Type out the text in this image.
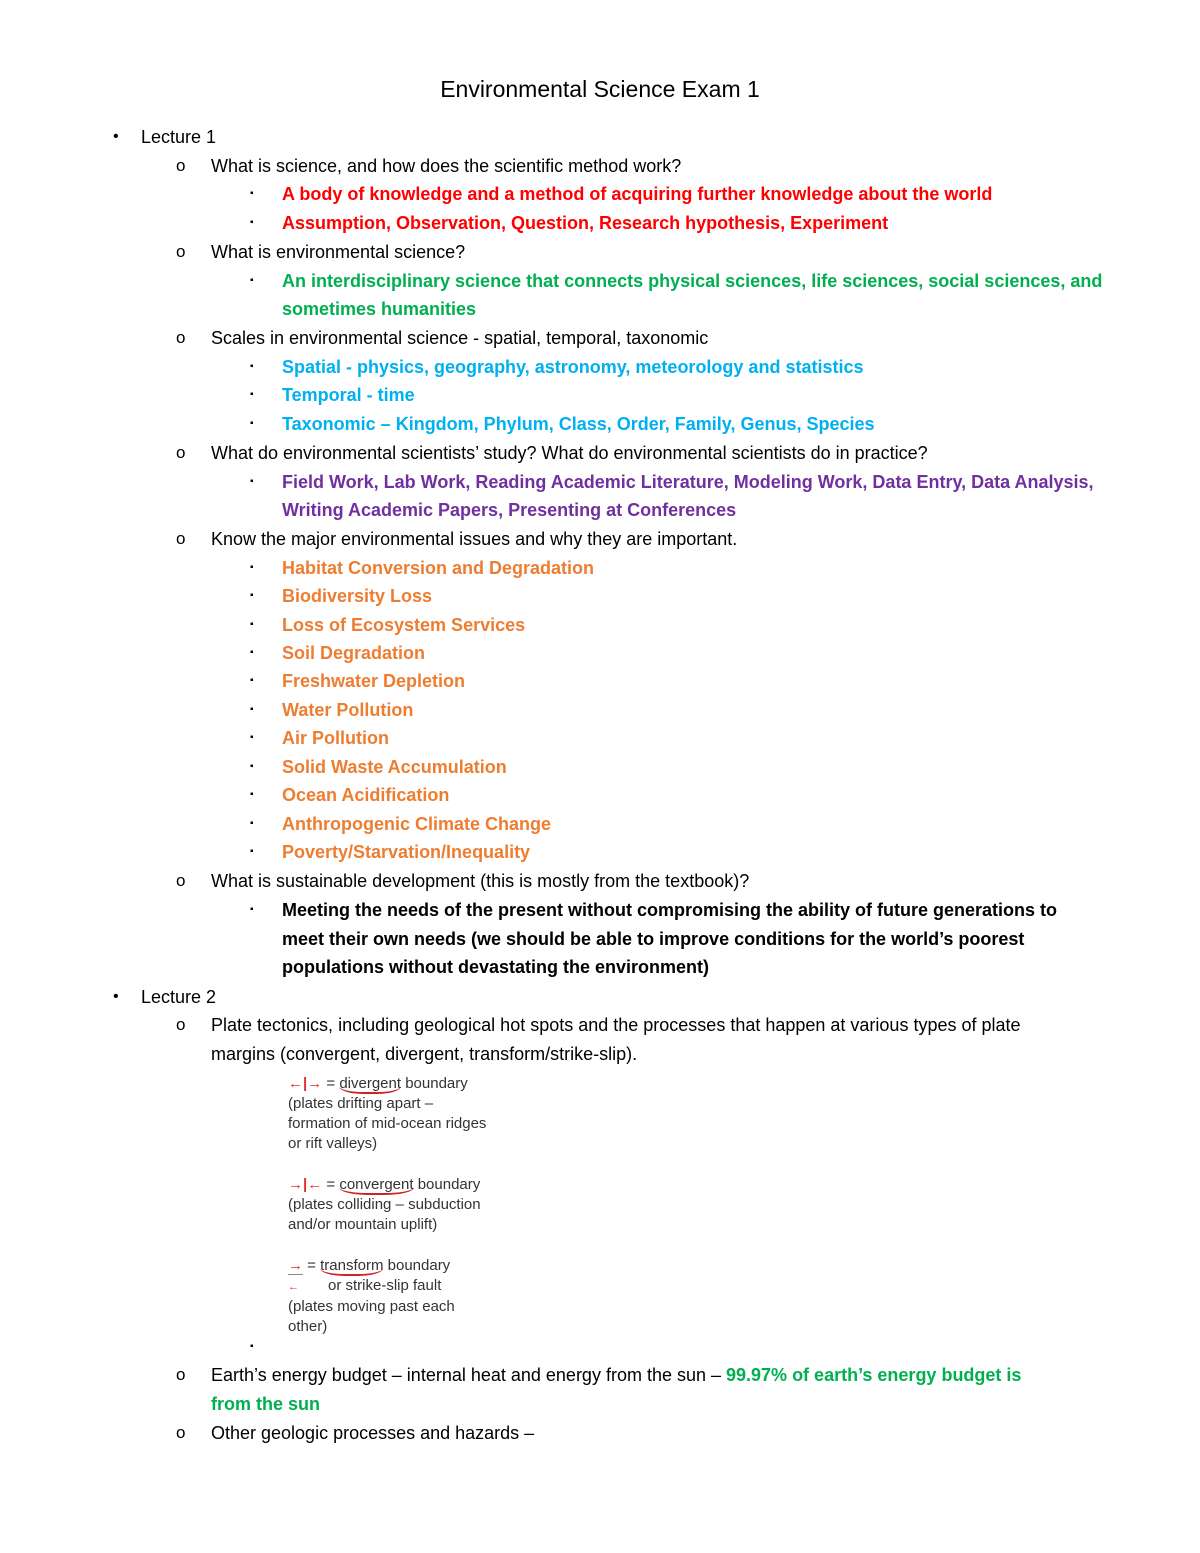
Environmental Science Exam 1
• Lecture 1
o What is science, and how does the scientific method work?
▪ A body of knowledge and a method of acquiring further knowledge about the world
▪ Assumption, Observation, Question, Research hypothesis, Experiment
o What is environmental science?
▪ An interdisciplinary science that connects physical sciences, life sciences, social sciences, and
sometimes humanities
o Scales in environmental science - spatial, temporal, taxonomic
▪ Spatial - physics, geography, astronomy, meteorology and statistics
▪ Temporal - time
▪ Taxonomic – Kingdom, Phylum, Class, Order, Family, Genus, Species
o What do environmental scientists’ study? What do environmental scientists do in practice?
▪ Field Work, Lab Work, Reading Academic Literature, Modeling Work, Data Entry, Data Analysis,
Writing Academic Papers, Presenting at Conferences
o Know the major environmental issues and why they are important.
▪ Habitat Conversion and Degradation
▪ Biodiversity Loss
▪ Loss of Ecosystem Services
▪ Soil Degradation
▪ Freshwater Depletion
▪ Water Pollution
▪ Air Pollution
▪ Solid Waste Accumulation
▪ Ocean Acidification
▪ Anthropogenic Climate Change
▪ Poverty/Starvation/Inequality
o What is sustainable development (this is mostly from the textbook)?
▪ Meeting the needs of the present without compromising the ability of future generations to
meet their own needs (we should be able to improve conditions for the world’s poorest
populations without devastating the environment)
• Lecture 2
o Plate tectonics, including geological hot spots and the processes that happen at various types of plate
margins (convergent, divergent, transform/strike-slip).
←|→ = divergent boundary
(plates drifting apart –
formation of mid-ocean ridges
or rift valleys)
→|← = convergent boundary
(plates colliding – subduction
and/or mountain uplift)
→ = transform boundary
← or strike-slip fault
(plates moving past each
other)
▪
o Earth’s energy budget – internal heat and energy from the sun – 99.97% of earth’s energy budget is
from the sun
o Other geologic processes and hazards –
